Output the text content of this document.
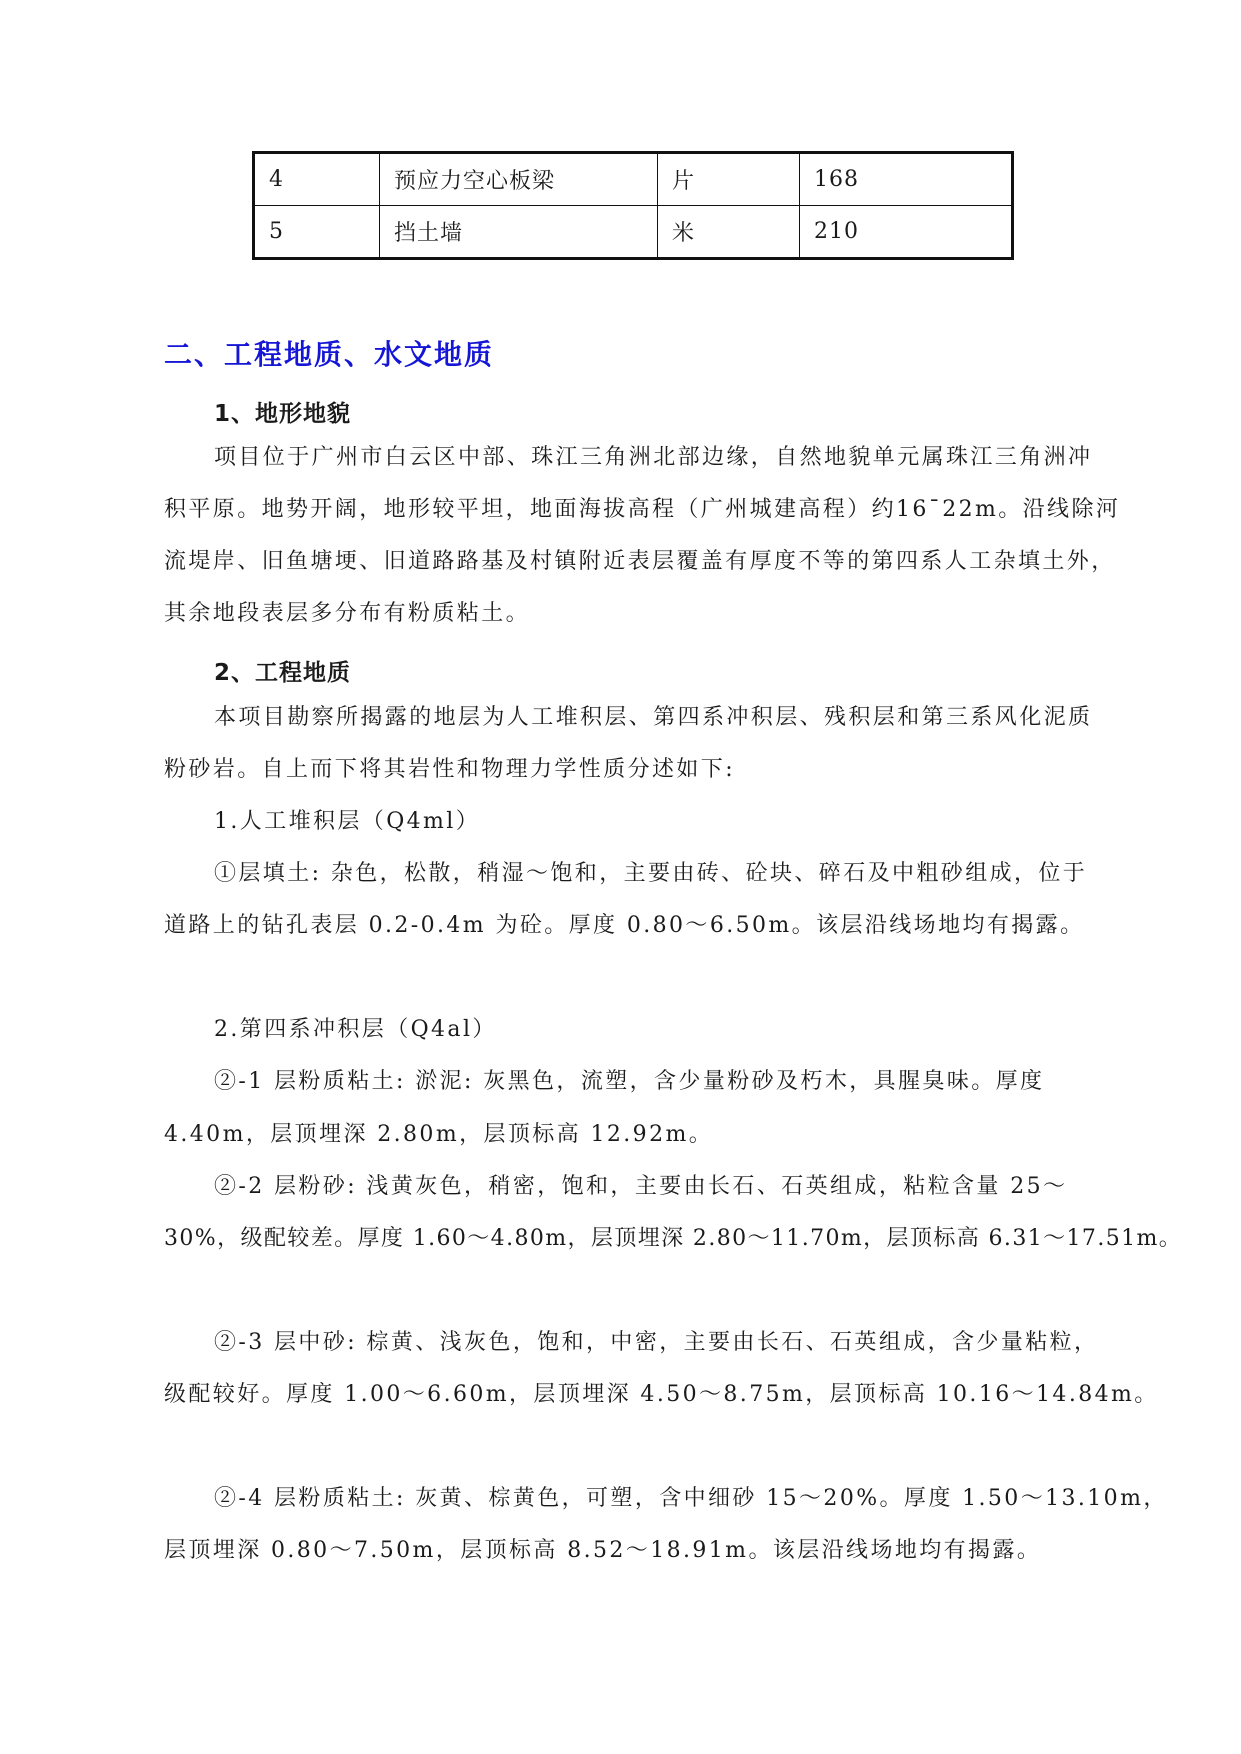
4	预应力空心板梁	片	168
5	挡土墙	米	210
二、工程地质、水文地质
1、地形地貌

项目位于广州市白云区中部、珠江三角洲北部边缘，自然地貌单元属珠江三角洲冲

积平原。地势开阔，地形较平坦，地面海拔高程（广州城建高程）约16ˉ22m。沿线除河

流堤岸、旧鱼塘埂、旧道路路基及村镇附近表层覆盖有厚度不等的第四系人工杂填土外，

其余地段表层多分布有粉质粘土。

2、工程地质

本项目勘察所揭露的地层为人工堆积层、第四系冲积层、残积层和第三系风化泥质

粉砂岩。自上而下将其岩性和物理力学性质分述如下:

1.人工堆积层（Q4ml）

①层填土: 杂色，松散，稍湿～饱和，主要由砖、砼块、碎石及中粗砂组成，位于

道路上的钻孔表层 0.2-0.4m 为砼。厚度 0.80～6.50m。该层沿线场地均有揭露。

2.第四系冲积层（Q4al）

②-1 层粉质粘土: 淤泥: 灰黑色，流塑，含少量粉砂及朽木，具腥臭味。厚度

4.40m，层顶埋深 2.80m，层顶标高 12.92m。

②-2 层粉砂: 浅黄灰色，稍密，饱和，主要由长石、石英组成，粘粒含量 25～

30%，级配较差。厚度 1.60～4.80m，层顶埋深 2.80～11.70m，层顶标高 6.31～17.51m。

②-3 层中砂: 棕黄、浅灰色，饱和，中密，主要由长石、石英组成，含少量粘粒，

级配较好。厚度 1.00～6.60m，层顶埋深 4.50～8.75m，层顶标高 10.16～14.84m。

②-4 层粉质粘土: 灰黄、棕黄色，可塑，含中细砂 15～20%。厚度 1.50～13.10m，

层顶埋深 0.80～7.50m，层顶标高 8.52～18.91m。该层沿线场地均有揭露。
